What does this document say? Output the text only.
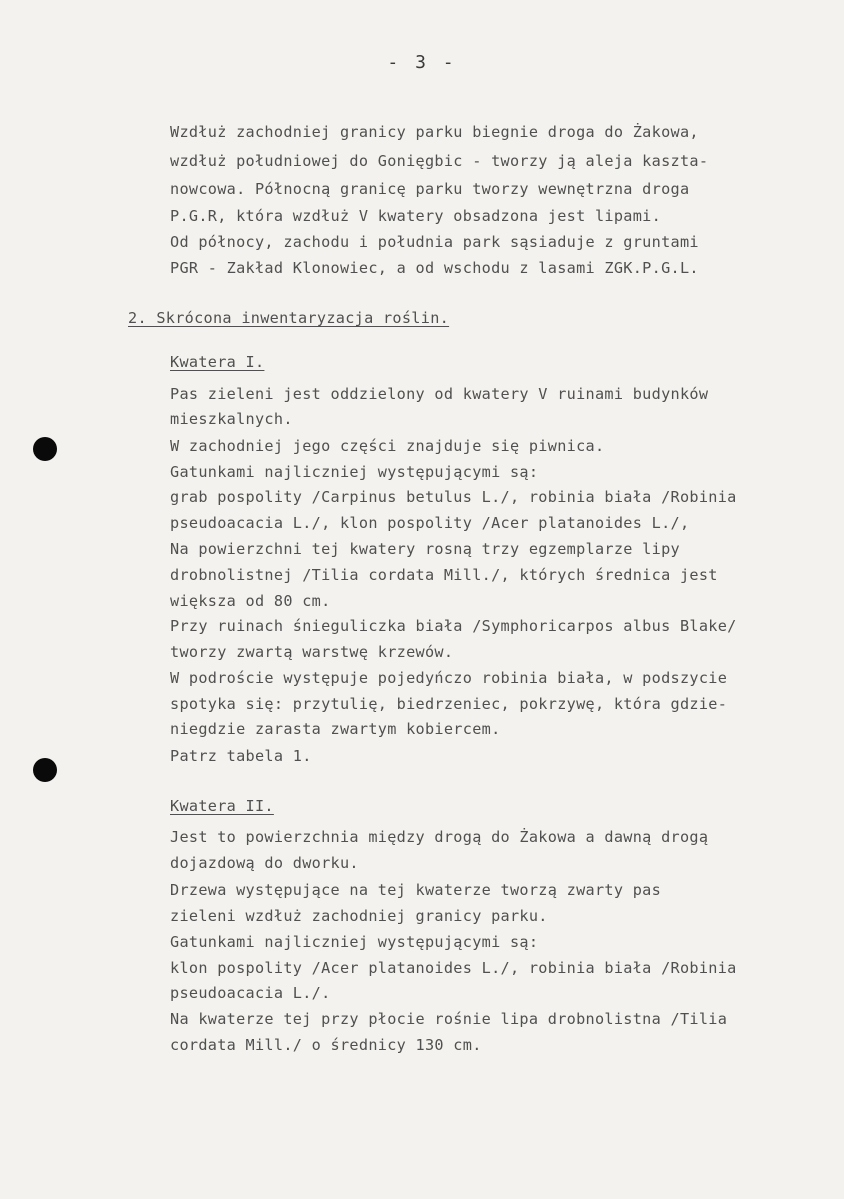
- 3 -
Wzdłuż zachodniej granicy parku biegnie droga do Żakowa,
wzdłuż południowej do Gonięgbic - tworzy ją aleja kaszta-
nowcowa. Północną granicę parku tworzy wewnętrzna droga
P.G.R, która wzdłuż V kwatery obsadzona jest lipami.
Od północy, zachodu i południa park sąsiaduje z gruntami
PGR - Zakład Klonowiec, a od wschodu z lasami ZGK.P.G.L.
2. Skrócona inwentaryzacja roślin.
Kwatera I.
Pas zieleni jest oddzielony od kwatery V ruinami budynków
mieszkalnych.
W zachodniej jego części znajduje się piwnica.
Gatunkami najliczniej występującymi są:
grab pospolity /Carpinus betulus L./, robinia biała /Robinia
pseudoacacia L./, klon pospolity /Acer platanoides L./,
Na powierzchni tej kwatery rosną trzy egzemplarze lipy
drobnolistnej /Tilia cordata Mill./, których średnica jest
większa od 80 cm.
Przy ruinach śnieguliczka biała /Symphoricarpos albus Blake/
tworzy zwartą warstwę krzewów.
W podroście występuje pojedyńczo robinia biała, w podszycie
spotyka się: przytulię, biedrzeniec, pokrzywę, która gdzie-
niegdzie zarasta zwartym kobiercem.
Patrz tabela 1.
Kwatera II.
Jest to powierzchnia między drogą do Żakowa a dawną drogą
dojazdową do dworku.
Drzewa występujące na tej kwaterze tworzą zwarty pas
zieleni wzdłuż zachodniej granicy parku.
Gatunkami najliczniej występującymi są:
klon pospolity /Acer platanoides L./, robinia biała /Robinia
pseudoacacia L./.
Na kwaterze tej przy płocie rośnie lipa drobnolistna /Tilia
cordata Mill./ o średnicy 130 cm.
